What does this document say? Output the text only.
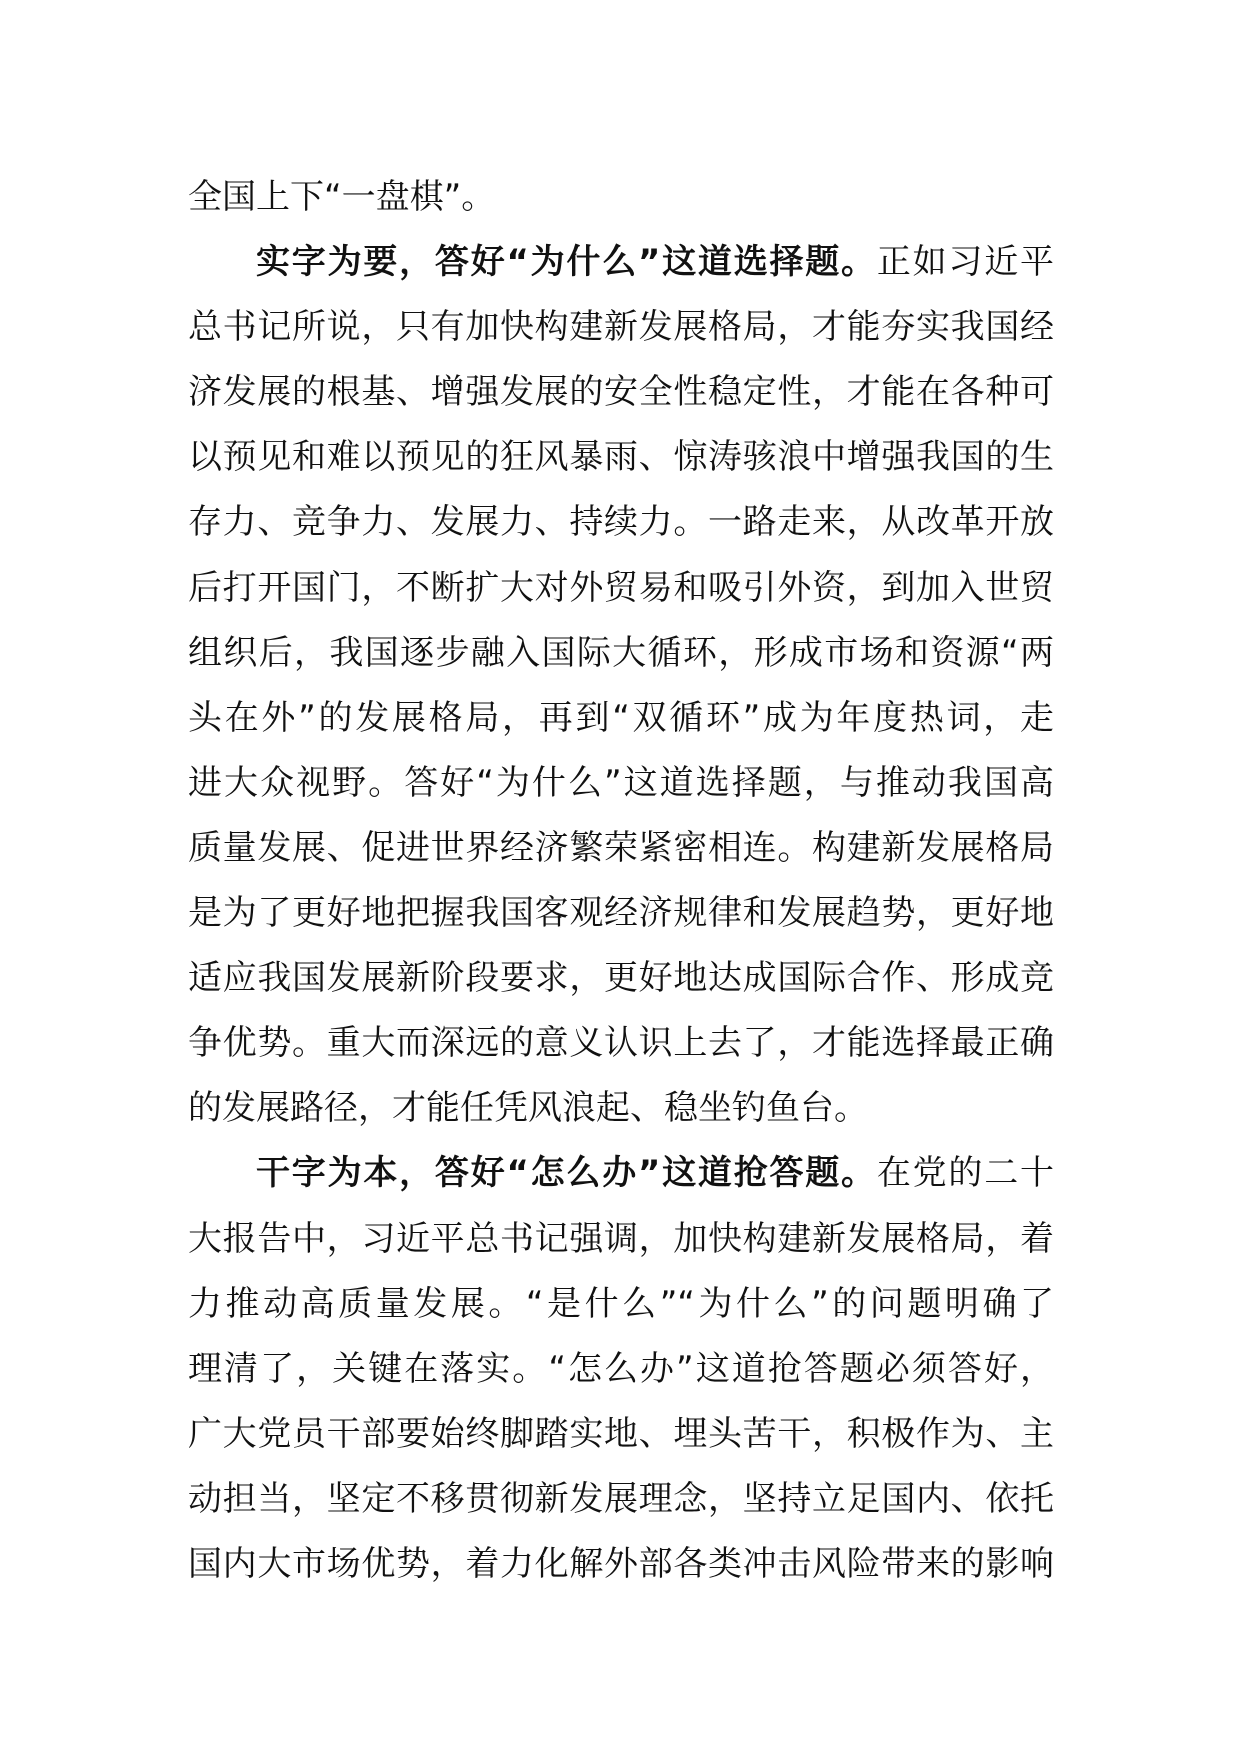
全国上下“一盘棋”。
实字为要，答好“为什么”这道选择题。正如习近平
总书记所说，只有加快构建新发展格局，才能夯实我国经
济发展的根基、增强发展的安全性稳定性，才能在各种可
以预见和难以预见的狂风暴雨、惊涛骇浪中增强我国的生
存力、竞争力、发展力、持续力。一路走来，从改革开放
后打开国门，不断扩大对外贸易和吸引外资，到加入世贸
组织后，我国逐步融入国际大循环，形成市场和资源“两
头在外”的发展格局，再到“双循环”成为年度热词，走
进大众视野。答好“为什么”这道选择题，与推动我国高
质量发展、促进世界经济繁荣紧密相连。构建新发展格局
是为了更好地把握我国客观经济规律和发展趋势，更好地
适应我国发展新阶段要求，更好地达成国际合作、形成竞
争优势。重大而深远的意义认识上去了，才能选择最正确
的发展路径，才能任凭风浪起、稳坐钓鱼台。
干字为本，答好“怎么办”这道抢答题。在党的二十
大报告中，习近平总书记强调，加快构建新发展格局，着
力推动高质量发展。“是什么”“为什么”的问题明确了
理清了，关键在落实。“怎么办”这道抢答题必须答好，
广大党员干部要始终脚踏实地、埋头苦干，积极作为、主
动担当，坚定不移贯彻新发展理念，坚持立足国内、依托
国内大市场优势，着力化解外部各类冲击风险带来的影响
